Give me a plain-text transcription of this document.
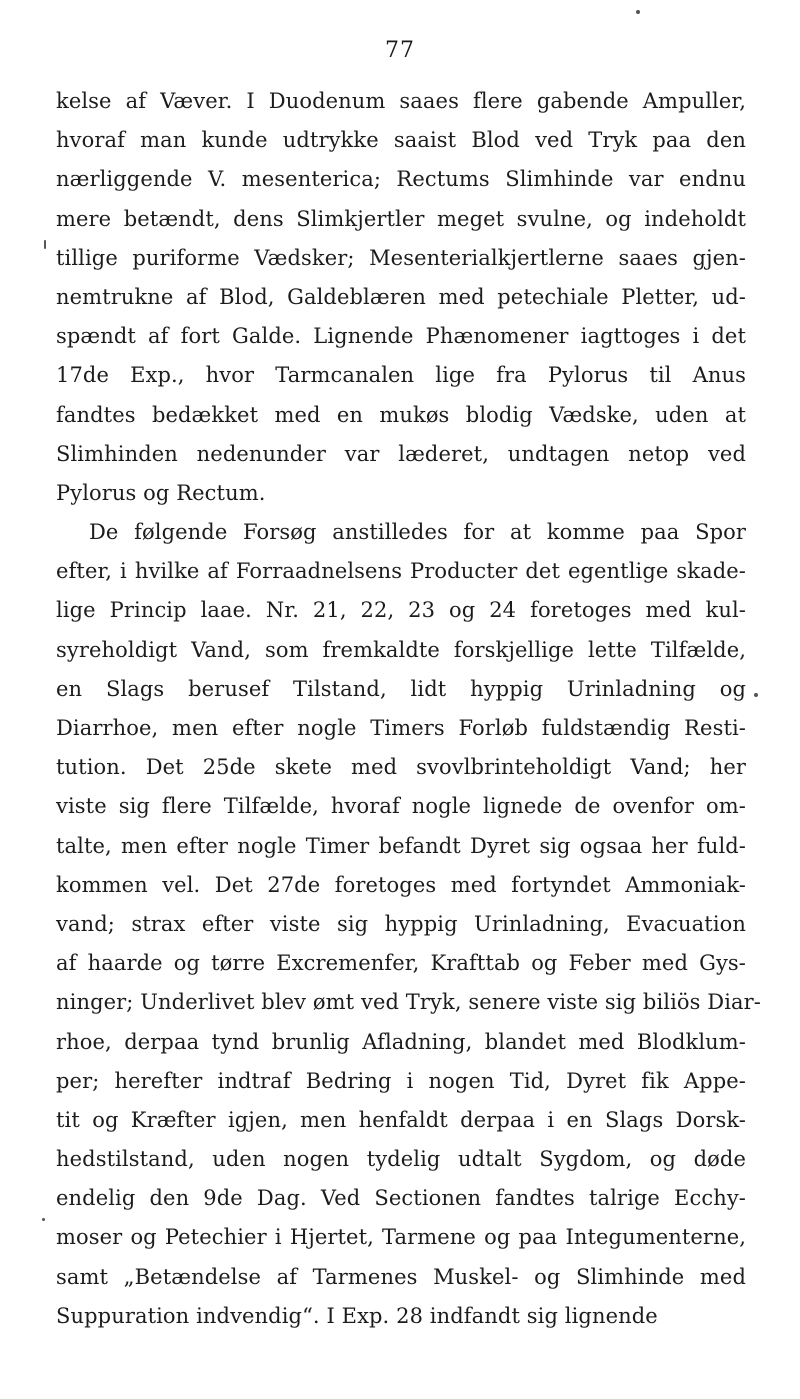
77
kelse af Væver. I Duodenum saaes flere gabende Ampuller,
hvoraf man kunde udtrykke saaist Blod ved Tryk paa den
nærliggende V. mesenterica; Rectums Slimhinde var endnu
mere betændt, dens Slimkjertler meget svulne, og indeholdt
tillige puriforme Vædsker; Mesenterialkjertlerne saaes gjen-
nemtrukne af Blod, Galdeblæren med petechiale Pletter, ud-
spændt af fort Galde. Lignende Phænomener iagttoges i det
17de Exp., hvor Tarmcanalen lige fra Pylorus til Anus
fandtes bedækket med en mukøs blodig Vædske, uden at
Slimhinden nedenunder var læderet, undtagen netop ved
Pylorus og Rectum.
De følgende Forsøg anstilledes for at komme paa Spor
efter, i hvilke af Forraadnelsens Producter det egentlige skade-
lige Princip laae. Nr. 21, 22, 23 og 24 foretoges med kul-
syreholdigt Vand, som fremkaldte forskjellige lette Tilfælde,
en Slags berusef Tilstand, lidt hyppig Urinladning og
Diarrhoe, men efter nogle Timers Forløb fuldstændig Resti-
tution. Det 25de skete med svovlbrinteholdigt Vand; her
viste sig flere Tilfælde, hvoraf nogle lignede de ovenfor om-
talte, men efter nogle Timer befandt Dyret sig ogsaa her fuld-
kommen vel. Det 27de foretoges med fortyndet Ammoniak-
vand; strax efter viste sig hyppig Urinladning, Evacuation
af haarde og tørre Excremenfer, Krafttab og Feber med Gys-
ninger; Underlivet blev ømt ved Tryk, senere viste sig biliös Diar-
rhoe, derpaa tynd brunlig Afladning, blandet med Blodklum-
per; herefter indtraf Bedring i nogen Tid, Dyret fik Appe-
tit og Kræfter igjen, men henfaldt derpaa i en Slags Dorsk-
hedstilstand, uden nogen tydelig udtalt Sygdom, og døde
endelig den 9de Dag. Ved Sectionen fandtes talrige Ecchy-
moser og Petechier i Hjertet, Tarmene og paa Integumenterne,
samt „Betændelse af Tarmenes Muskel- og Slimhinde med
Suppuration indvendig“. I Exp. 28 indfandt sig lignende
